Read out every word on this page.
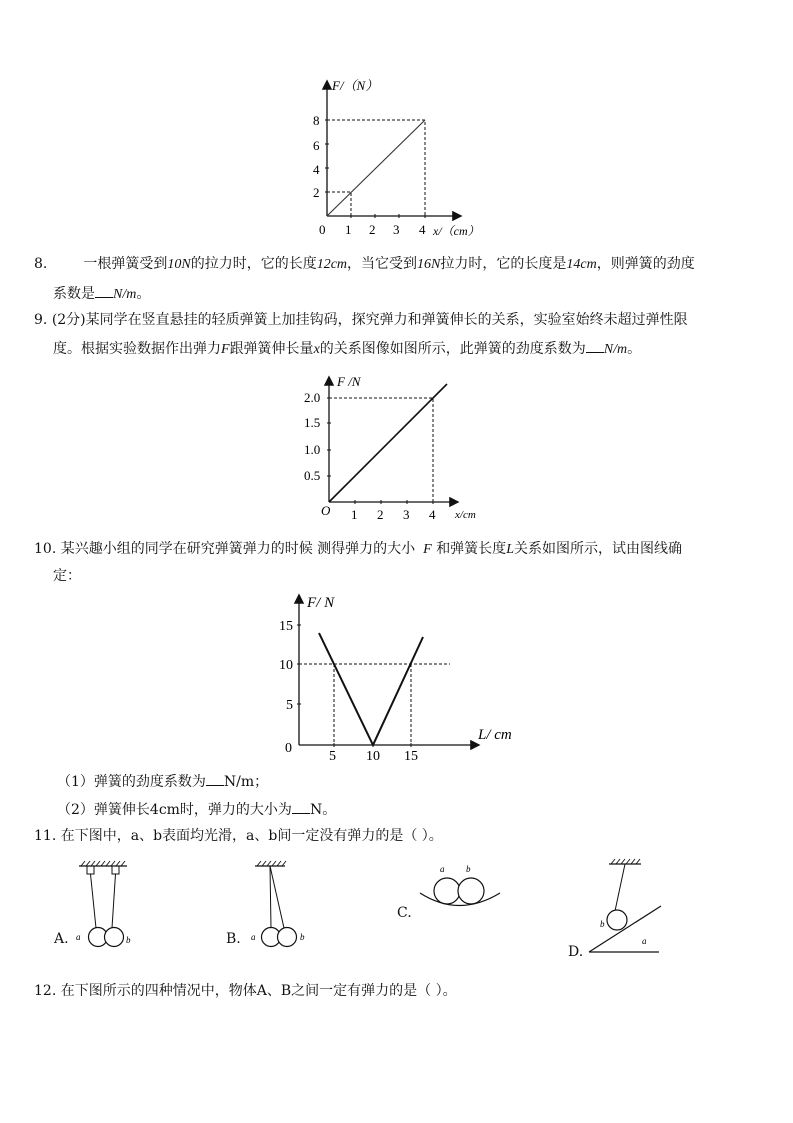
F/（N）
x/（cm）
0 1 2 3 4
2
4
6
8
8.	一根弹簧受到10N的拉力时，它的长度12cm，当它受到16N拉力时，它的长度是14cm，则弹簧的劲度
系数是 N/m。
9. (2分)某同学在竖直悬挂的轻质弹簧上加挂钩码，探究弹力和弹簧伸长的关系，实验室始终未超过弹性限
度。根据实验数据作出弹力F跟弹簧伸长量x的关系图像如图所示，此弹簧的劲度系数为 N/m。
F /N
x/cm
O 1 2 3 4
0.5
1.0
1.5
2.0
10. 某兴趣小组的同学在研究弹簧弹力的时候 测得弹力的大小 F 和弹簧长度L关系如图所示，试由图线确
定：
F/ N
L/ cm
0
5 10 15
5
10
15
（1）弹簧的劲度系数为 N/m；
（2）弹簧伸长4cm时，弹力的大小为 N。
11. 在下图中，a、b表面均光滑，a、b间一定没有弹力的是（ ）。
A. a	b	B. a	b
C.
a b
D.
b
a
12. 在下图所示的四种情况中，物体A、B之间一定有弹力的是（ ）。
